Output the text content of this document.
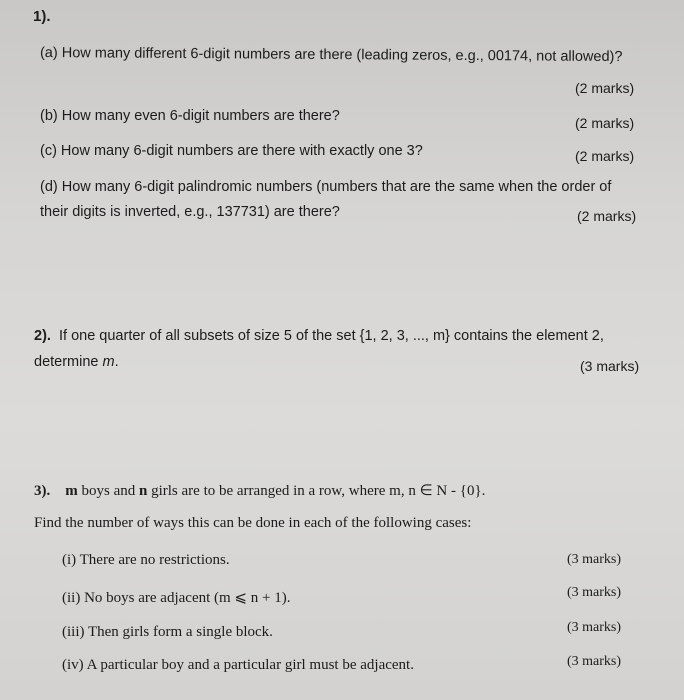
1).
(a) How many different 6-digit numbers are there (leading zeros, e.g., 00174, not allowed)?
(2 marks)
(b) How many even 6-digit numbers are there?	(2 marks)
(c) How many 6-digit numbers are there with exactly one 3?	(2 marks)
(d) How many 6-digit palindromic numbers (numbers that are the same when the order of
their digits is inverted, e.g., 137731) are there?	(2 marks)
2). If one quarter of all subsets of size 5 of the set {1, 2, 3, ..., m} contains the element 2,
determine m.	(3 marks)
3). m boys and n girls are to be arranged in a row, where m, n ∈ N - {0}.
Find the number of ways this can be done in each of the following cases:
(i) There are no restrictions.	(3 marks)
(ii) No boys are adjacent (m ⩽ n + 1).	(3 marks)
(iii) Then girls form a single block.	(3 marks)
(iv) A particular boy and a particular girl must be adjacent.	(3 marks)
